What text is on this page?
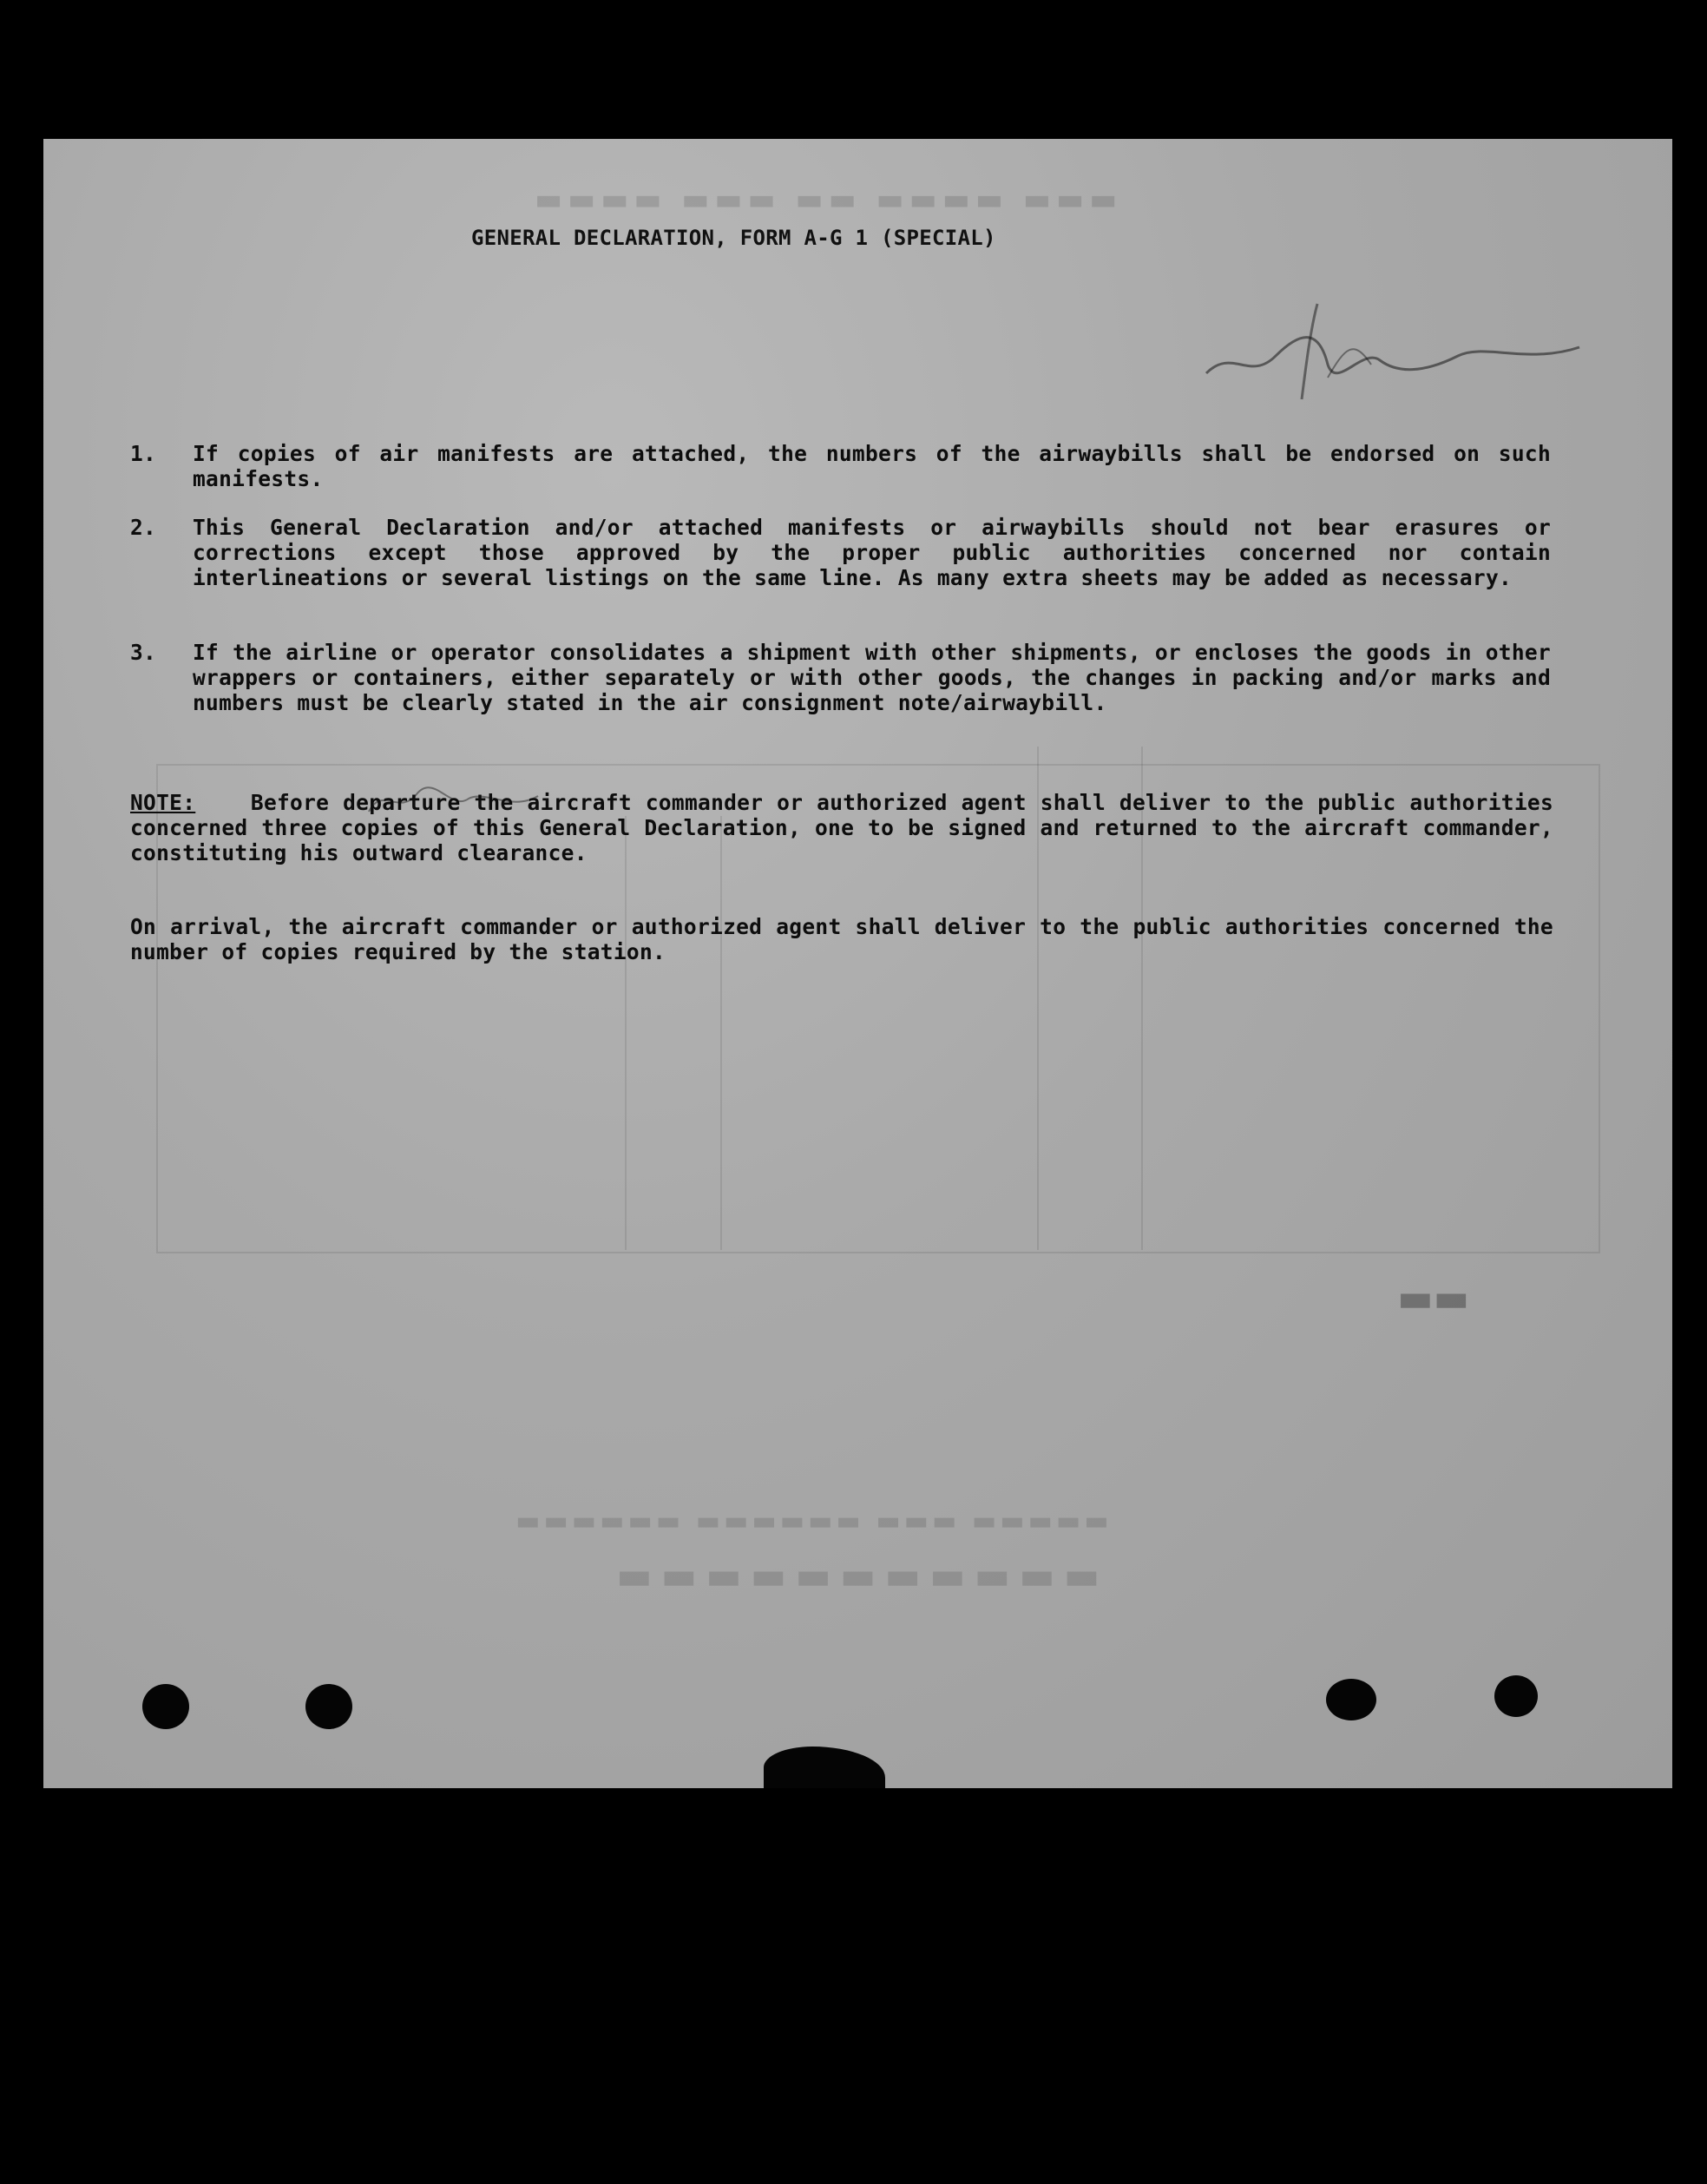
▬▬▬ ▬▬▬▬ ▬▬ ▬▬▬ ▬▬▬▬
▬▬▬▬▬ ▬▬▬ ▬▬▬▬▬▬ ▬▬▬▬▬▬
▬▬▬▬▬▬▬▬▬▬▬
▬▬
GENERAL DECLARATION, FORM A-G 1 (SPECIAL)
1.	If copies of air manifests are attached, the numbers of the airwaybills shall be endorsed on such manifests.
2.	This General Declaration and/or attached manifests or airwaybills should not bear erasures or corrections except those approved by the proper public authorities concerned nor contain interlineations or several listings on the same line. As many extra sheets may be added as necessary.
3.	If the airline or operator consolidates a shipment with other shipments, or encloses the goods in other wrappers or containers, either separately or with other goods, the changes in packing and/or marks and numbers must be clearly stated in the air consignment note/airwaybill.
NOTE:	Before departure the aircraft commander or authorized agent shall deliver to the public authorities concerned three copies of this General Declaration, one to be signed and returned to the aircraft commander, constituting his outward clearance.
On arrival, the aircraft commander or authorized agent shall deliver to the public authorities concerned the number of copies required by the station.
